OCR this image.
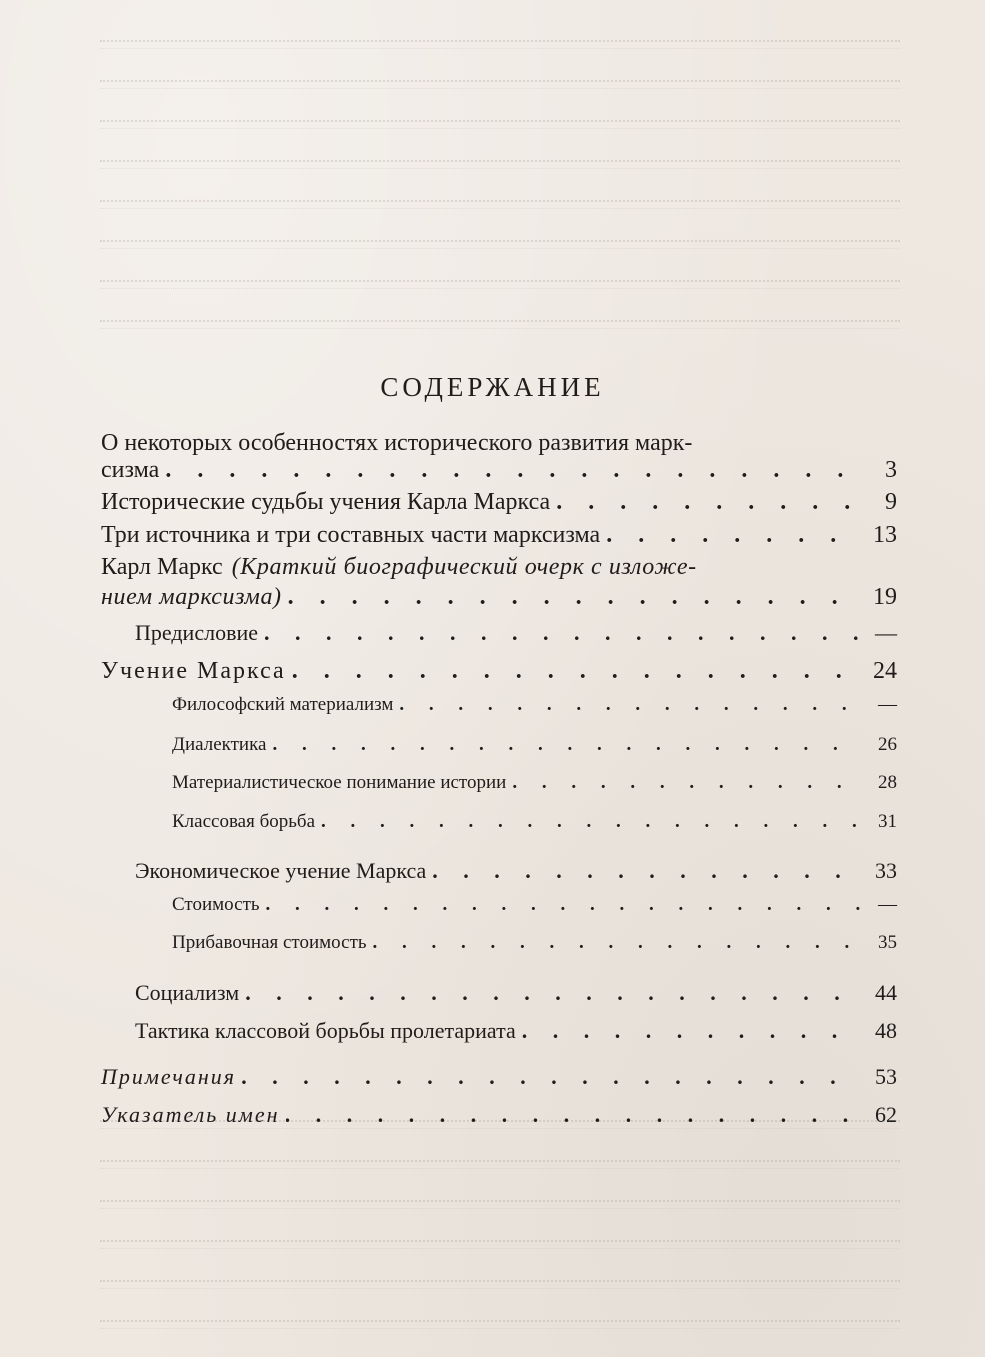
СОДЕРЖАНИЕ
О некоторых особенностях исторического развития марк-
сизма . . .	3
Исторические судьбы учения Карла Маркса . . .	9
Три источника и три составных части марксизма . . .	13
Карл Маркс (Краткий биографический очерк с изложе-
нием марксизма) . . .	19
Предисловие . . .	—
Учение Маркса . . .	24
Философский материализм . . .	—
Диалектика . . .	26
Материалистическое понимание истории . . .	28
Классовая борьба . . .	31
Экономическое учение Маркса . . .	33
Стоимость . . .	—
Прибавочная стоимость . . .	35
Социализм . . .	44
Тактика классовой борьбы пролетариата . . .	48
Примечания . . .	53
Указатель имен . . .	62
